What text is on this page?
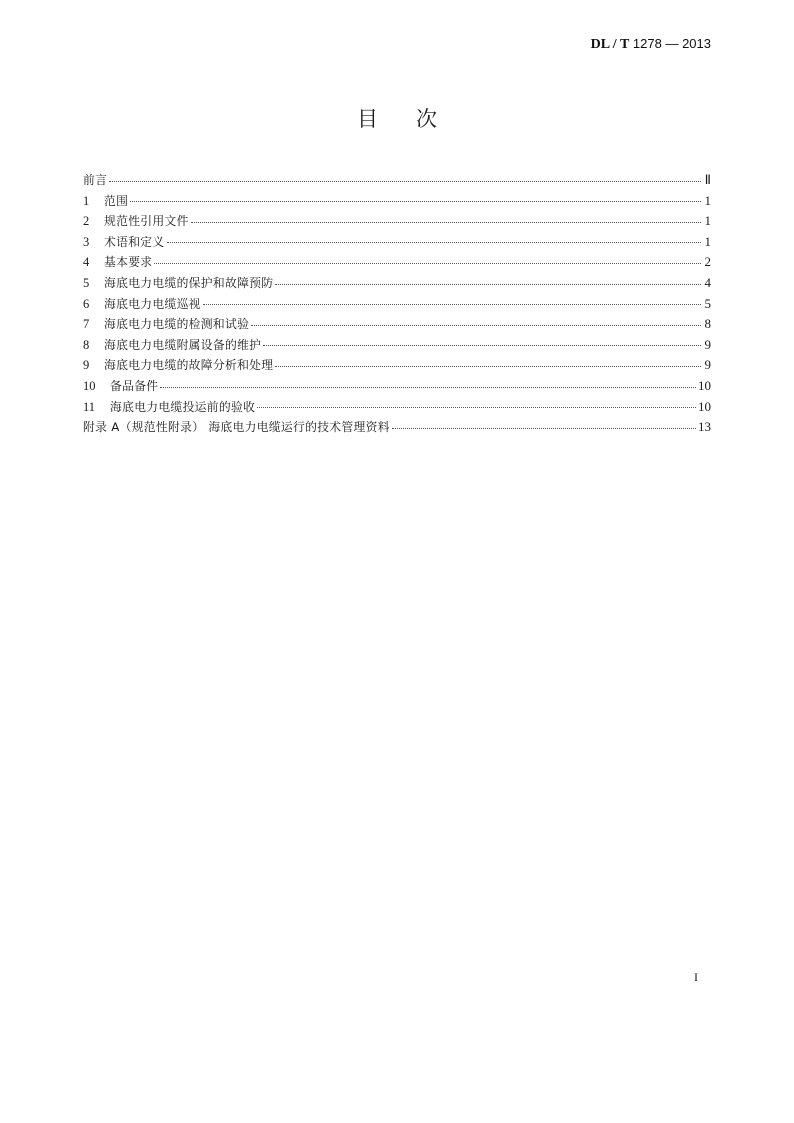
DL / T 1278 — 2013
目 次
前言	Ⅱ
1	范围	1
2	规范性引用文件	1
3	术语和定义	1
4	基本要求	2
5	海底电力电缆的保护和故障预防	4
6	海底电力电缆巡视	5
7	海底电力电缆的检测和试验	8
8	海底电力电缆附属设备的维护	9
9	海底电力电缆的故障分析和处理	9
10	备品备件	10
11	海底电力电缆投运前的验收	10
附录 A（规范性附录） 海底电力电缆运行的技术管理资料	13
I
